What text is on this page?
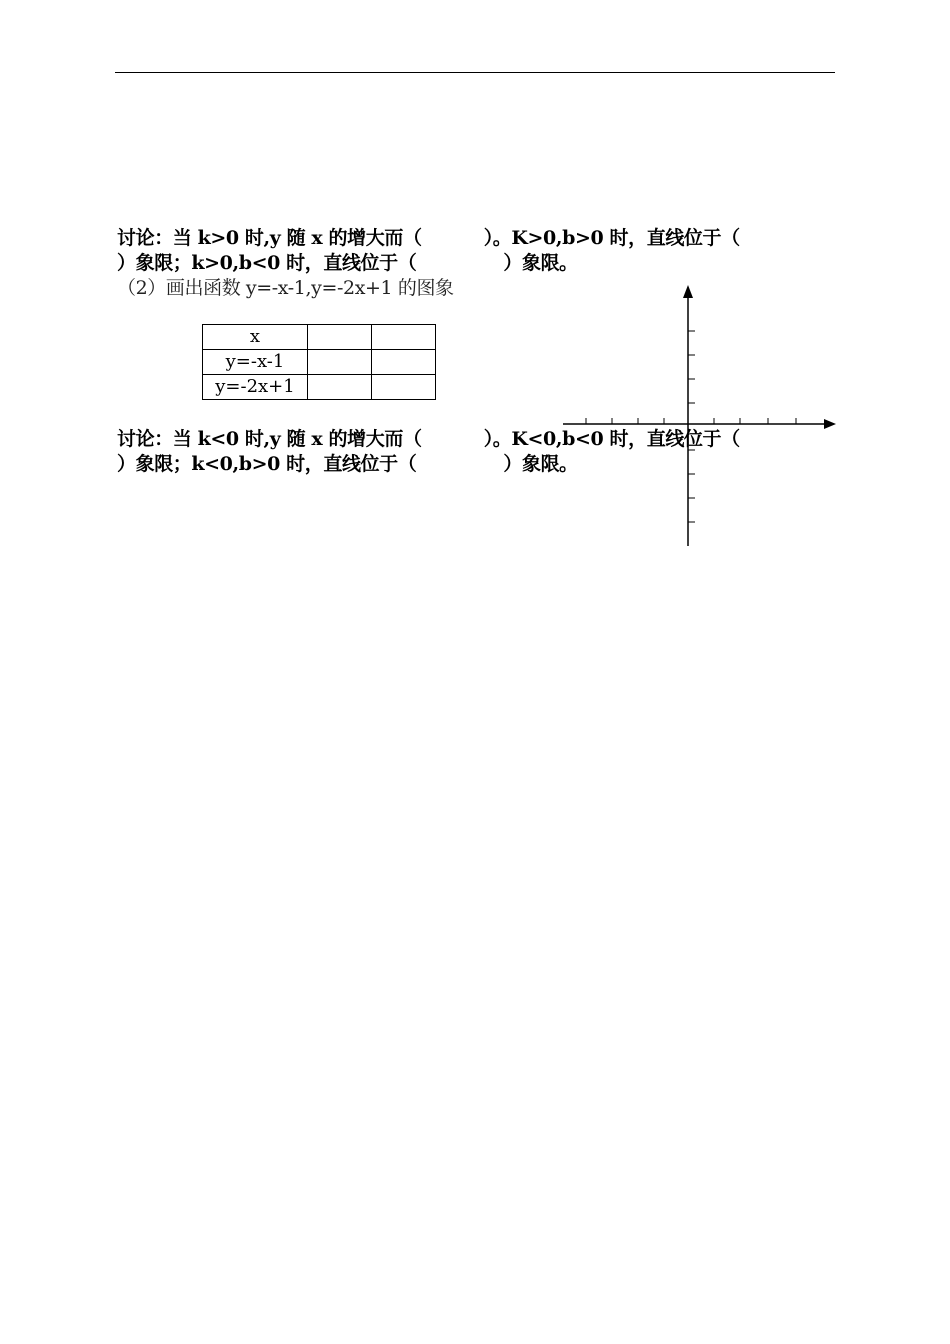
讨论：当 k>0 时,y 随 x 的增大而（          ）。K>0,b>0 时，直线位于（
）象限；k>0,b<0 时，直线位于（              ）象限。
（2）画出函数 y=-x-1,y=-2x+1 的图象
x		
y=-x-1		
y=-2x+1		
讨论：当 k<0 时,y 随 x 的增大而（          ）。K<0,b<0 时，直线位于（
）象限；k<0,b>0 时，直线位于（              ）象限。
